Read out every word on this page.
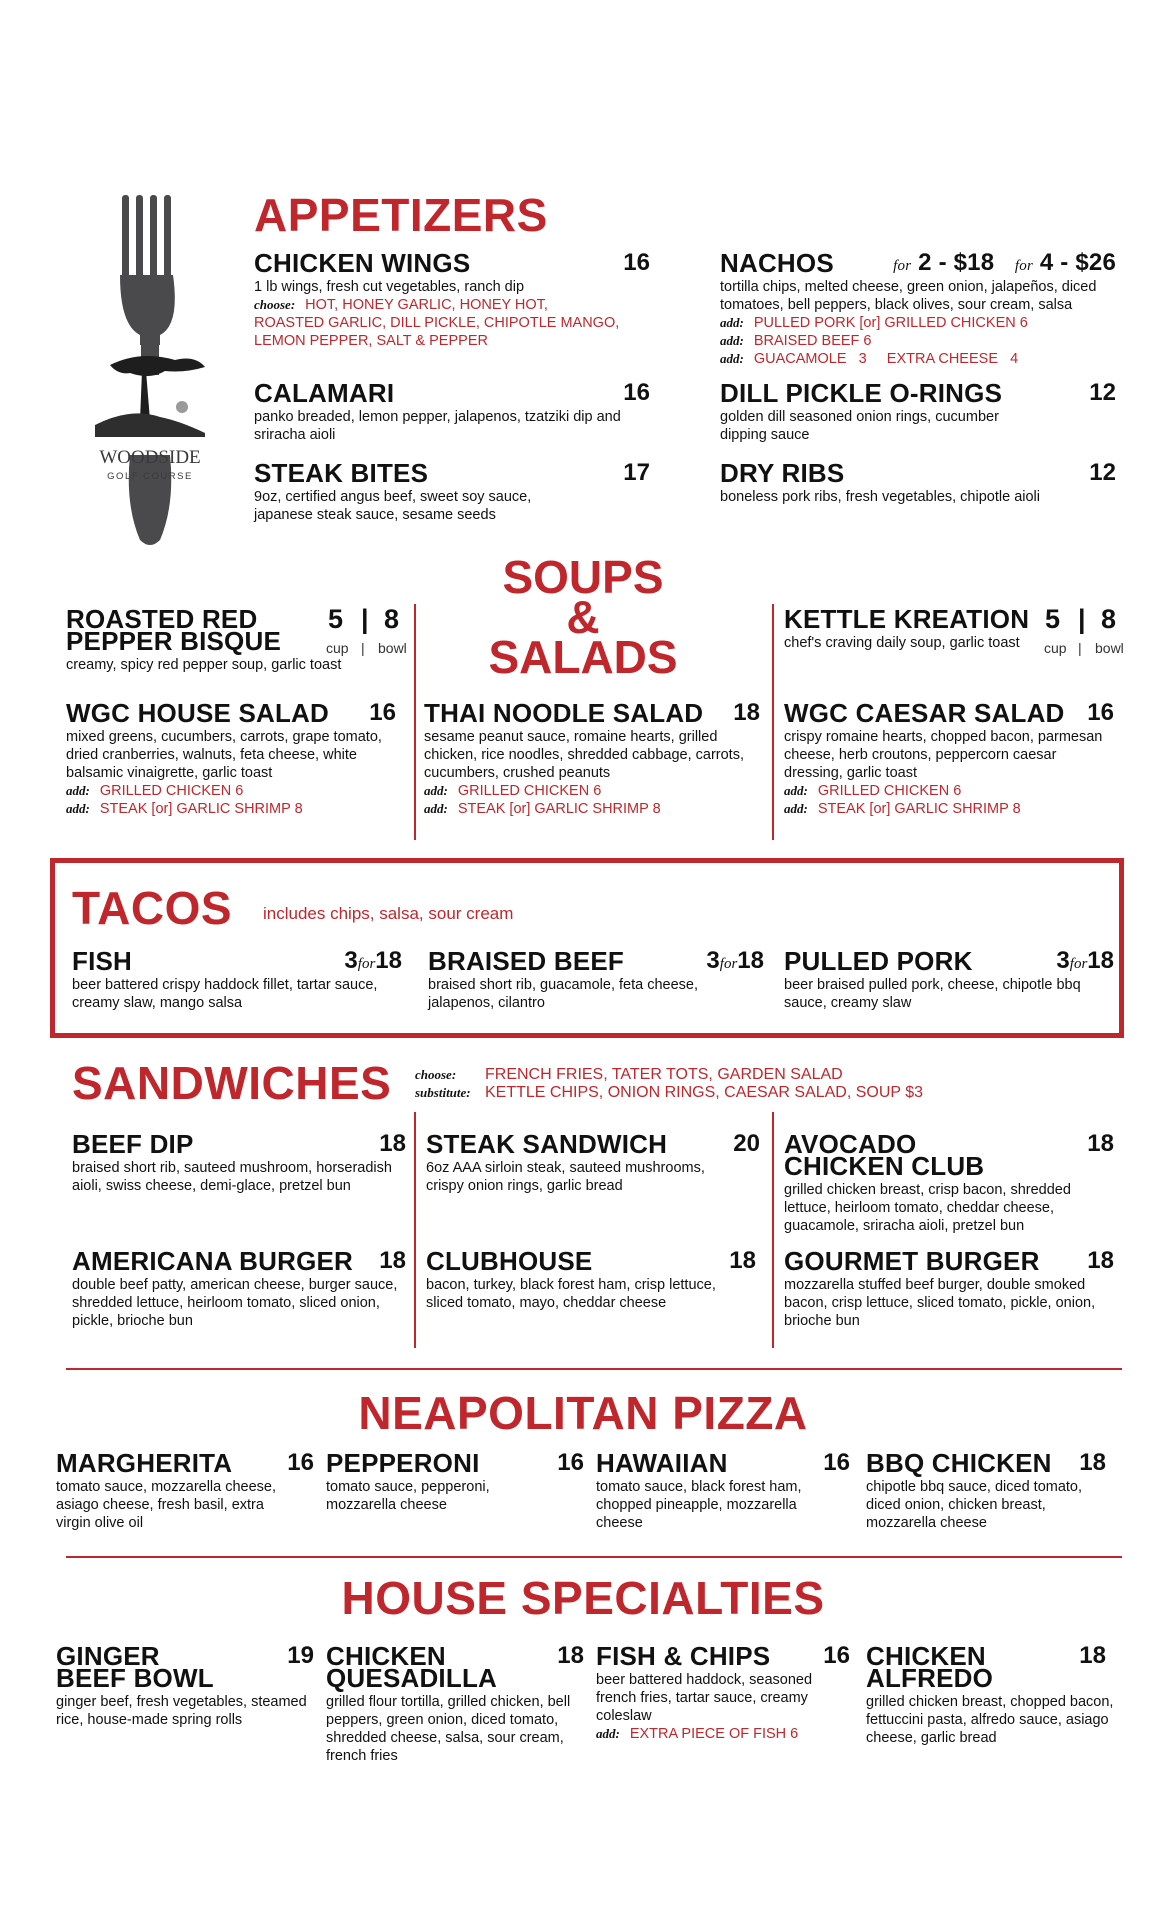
WOODSIDE
GOLF COURSE
APPETIZERS
CHICKEN WINGS	16
1 lb wings, fresh cut vegetables, ranch dip
choose: HOT, HONEY GARLIC, HONEY HOT,
ROASTED GARLIC, DILL PICKLE, CHIPOTLE MANGO,
LEMON PEPPER, SALT & PEPPER
CALAMARI	16
panko breaded, lemon pepper, jalapenos, tzatziki dip and sriracha aioli
STEAK BITES	17
9oz, certified angus beef, sweet soy sauce, japanese steak sauce, sesame seeds
NACHOS	for 2 - $18 for 4 - $26
tortilla chips, melted cheese, green onion, jalapeños, diced tomatoes, bell peppers, black olives, sour cream, salsa
add: PULLED PORK [or] GRILLED CHICKEN 6
add: BRAISED BEEF 6
add: GUACAMOLE   3     EXTRA CHEESE   4
DILL PICKLE O-RINGS	12
golden dill seasoned onion rings, cucumber dipping sauce
DRY RIBS	12
boneless pork ribs, fresh vegetables, chipotle aioli
SOUPS
&
SALADS
ROASTED RED
PEPPER BISQUE
creamy, spicy red pepper soup, garlic toast
5 | 8
cup | bowl
KETTLE KREATION
chef's craving daily soup, garlic toast
5 | 8
cup | bowl
WGC HOUSE SALAD	16
mixed greens, cucumbers, carrots, grape tomato, dried cranberries, walnuts, feta cheese, white balsamic vinaigrette, garlic toast
add: GRILLED CHICKEN 6
add: STEAK [or] GARLIC SHRIMP 8
THAI NOODLE SALAD	18
sesame peanut sauce, romaine hearts, grilled chicken, rice noodles, shredded cabbage, carrots, cucumbers, crushed peanuts
add: GRILLED CHICKEN 6
add: STEAK [or] GARLIC SHRIMP 8
WGC CAESAR SALAD 16
crispy romaine hearts, chopped bacon, parmesan cheese, herb croutons, peppercorn caesar dressing, garlic toast
add: GRILLED CHICKEN 6
add: STEAK [or] GARLIC SHRIMP 8
TACOS includes chips, salsa, sour cream
FISH	3for18
beer battered crispy haddock fillet, tartar sauce, creamy slaw, mango salsa
BRAISED BEEF	3for18
braised short rib, guacamole, feta cheese, jalapenos, cilantro
PULLED PORK	3for18
beer braised pulled pork, cheese, chipotle bbq sauce, creamy slaw
SANDWICHES choose: FRENCH FRIES, TATER TOTS, GARDEN SALAD
substitute: KETTLE CHIPS, ONION RINGS, CAESAR SALAD, SOUP $3
BEEF DIP	18
braised short rib, sauteed mushroom, horseradish aioli, swiss cheese, demi-glace, pretzel bun
STEAK SANDWICH	20
6oz AAA sirloin steak, sauteed mushrooms, crispy onion rings, garlic bread
AVOCADO
CHICKEN CLUB
18
grilled chicken breast, crisp bacon, shredded lettuce, heirloom tomato, cheddar cheese, guacamole, sriracha aioli, pretzel bun
AMERICANA BURGER	18
double beef patty, american cheese, burger sauce, shredded lettuce, heirloom tomato, sliced onion, pickle, brioche bun
CLUBHOUSE	18
bacon, turkey, black forest ham, crisp lettuce, sliced tomato, mayo, cheddar cheese
GOURMET BURGER	18
mozzarella stuffed beef burger, double smoked bacon, crisp lettuce, sliced tomato, pickle, onion, brioche bun
NEAPOLITAN PIZZA
MARGHERITA	16
tomato sauce, mozzarella cheese, asiago cheese, fresh basil, extra virgin olive oil
PEPPERONI	16
tomato sauce, pepperoni, mozzarella cheese
HAWAIIAN	16
tomato sauce, black forest ham, chopped pineapple, mozzarella cheese
BBQ CHICKEN	18
chipotle bbq sauce, diced tomato, diced onion, chicken breast, mozzarella cheese
HOUSE SPECIALTIES
GINGER
BEEF BOWL
19
ginger beef, fresh vegetables, steamed rice, house-made spring rolls
CHICKEN
QUESADILLA
18
grilled flour tortilla, grilled chicken, bell peppers, green onion, diced tomato, shredded cheese, salsa, sour cream, french fries
FISH & CHIPS	16
beer battered haddock, seasoned french fries, tartar sauce, creamy coleslaw
add: EXTRA PIECE OF FISH 6
CHICKEN
ALFREDO
18
grilled chicken breast, chopped bacon, fettuccini pasta, alfredo sauce, asiago cheese, garlic bread
